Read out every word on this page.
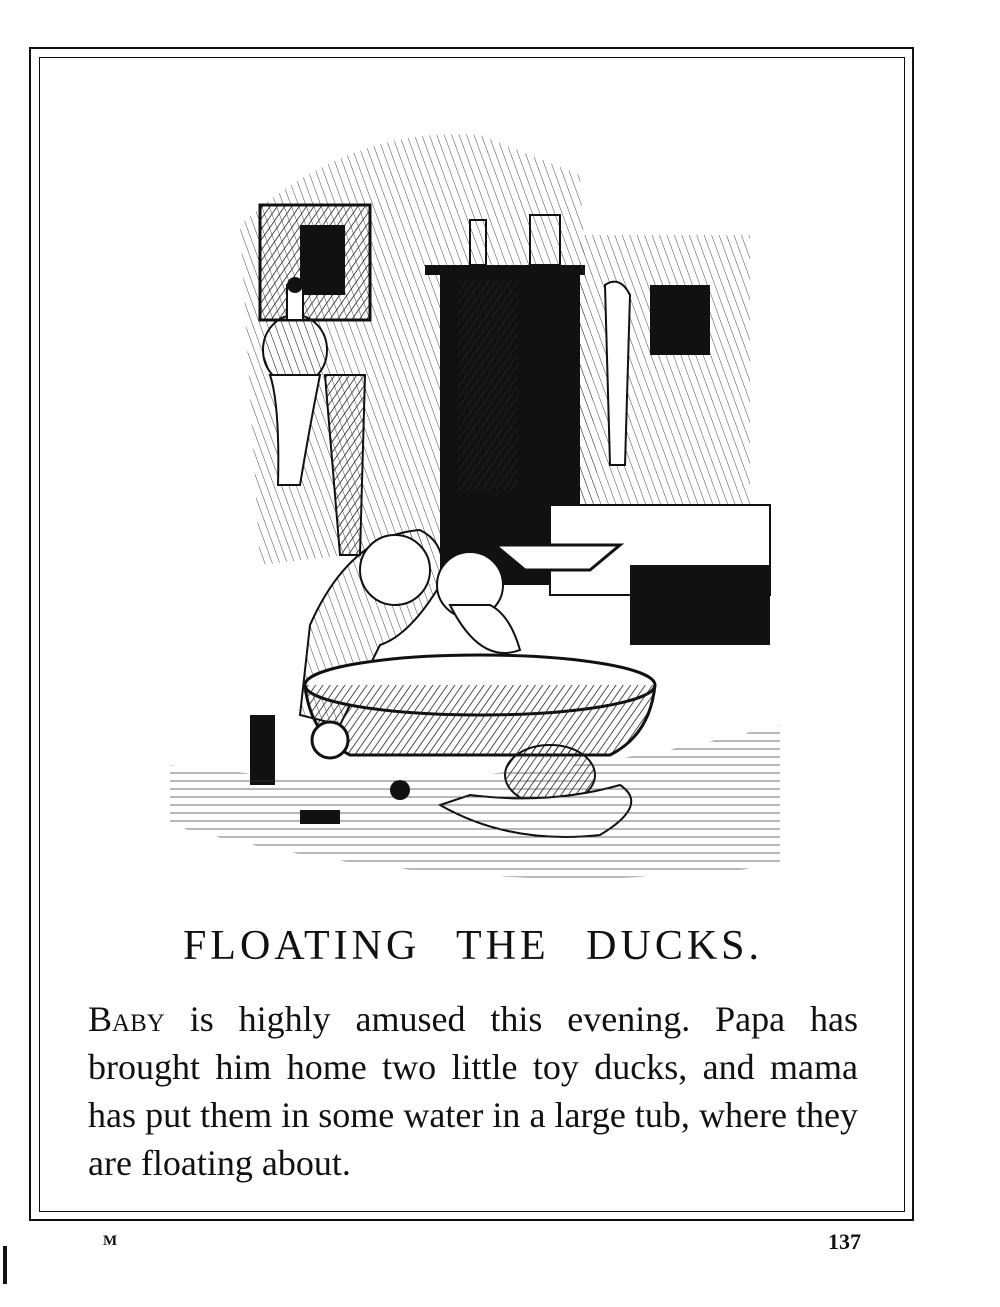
FLOATING THE DUCKS.

Baby is highly amused this evening. Papa has brought him home two little toy ducks, and mama has put them in some water in a large tub, where they are floating about.

M	137
